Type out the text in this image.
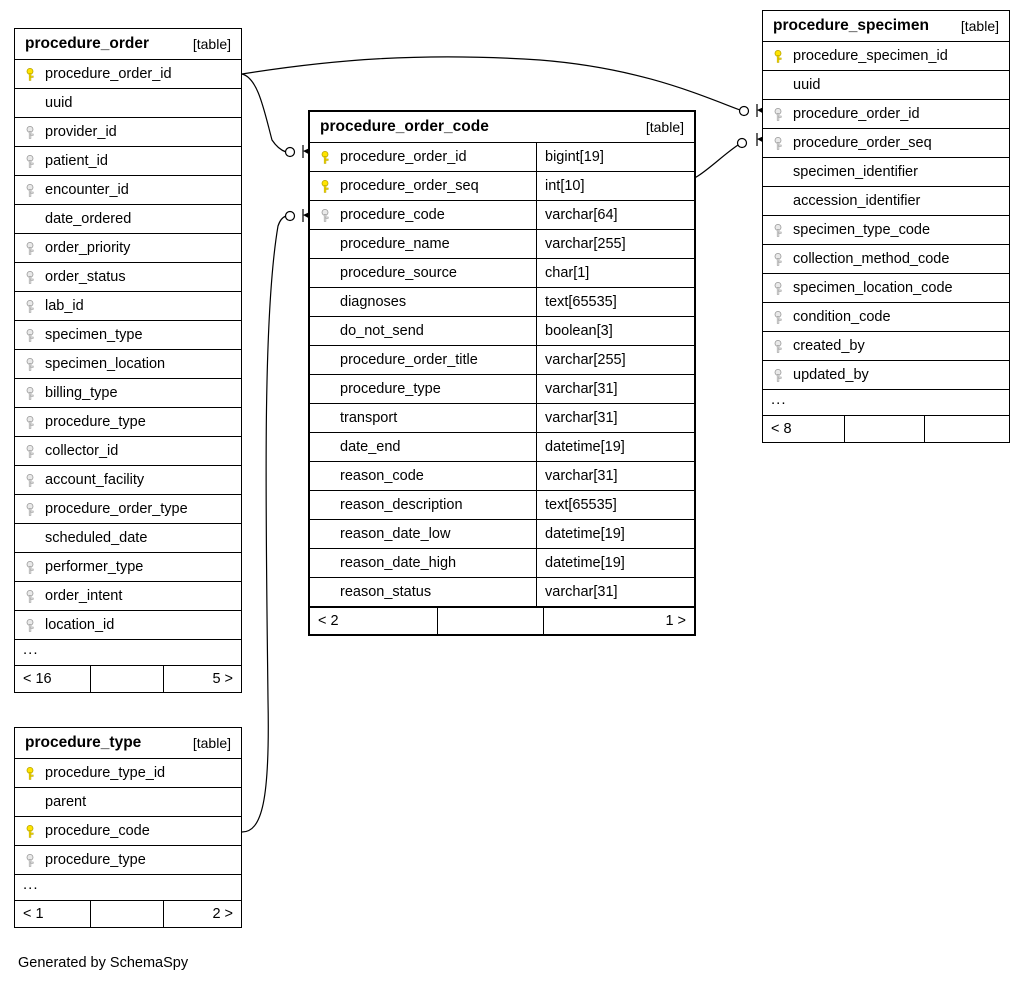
procedure_order	[table]
procedure_order_id
uuid
provider_id
patient_id
encounter_id
date_ordered
order_priority
order_status
lab_id
specimen_type
specimen_location
billing_type
procedure_type
collector_id
account_facility
procedure_order_type
scheduled_date
performer_type
order_intent
location_id
...
< 16	5 >
procedure_order_code	[table]
procedure_order_id	bigint[19]
procedure_order_seq	int[10]
procedure_code	varchar[64]
procedure_name	varchar[255]
procedure_source	char[1]
diagnoses	text[65535]
do_not_send	boolean[3]
procedure_order_title	varchar[255]
procedure_type	varchar[31]
transport	varchar[31]
date_end	datetime[19]
reason_code	varchar[31]
reason_description	text[65535]
reason_date_low	datetime[19]
reason_date_high	datetime[19]
reason_status	varchar[31]
< 2	1 >
procedure_specimen	[table]
procedure_specimen_id
uuid
procedure_order_id
procedure_order_seq
specimen_identifier
accession_identifier
specimen_type_code
collection_method_code
specimen_location_code
condition_code
created_by
updated_by
...
< 8
procedure_type	[table]
procedure_type_id
parent
procedure_code
procedure_type
...
< 1	2 >
Generated by SchemaSpy
